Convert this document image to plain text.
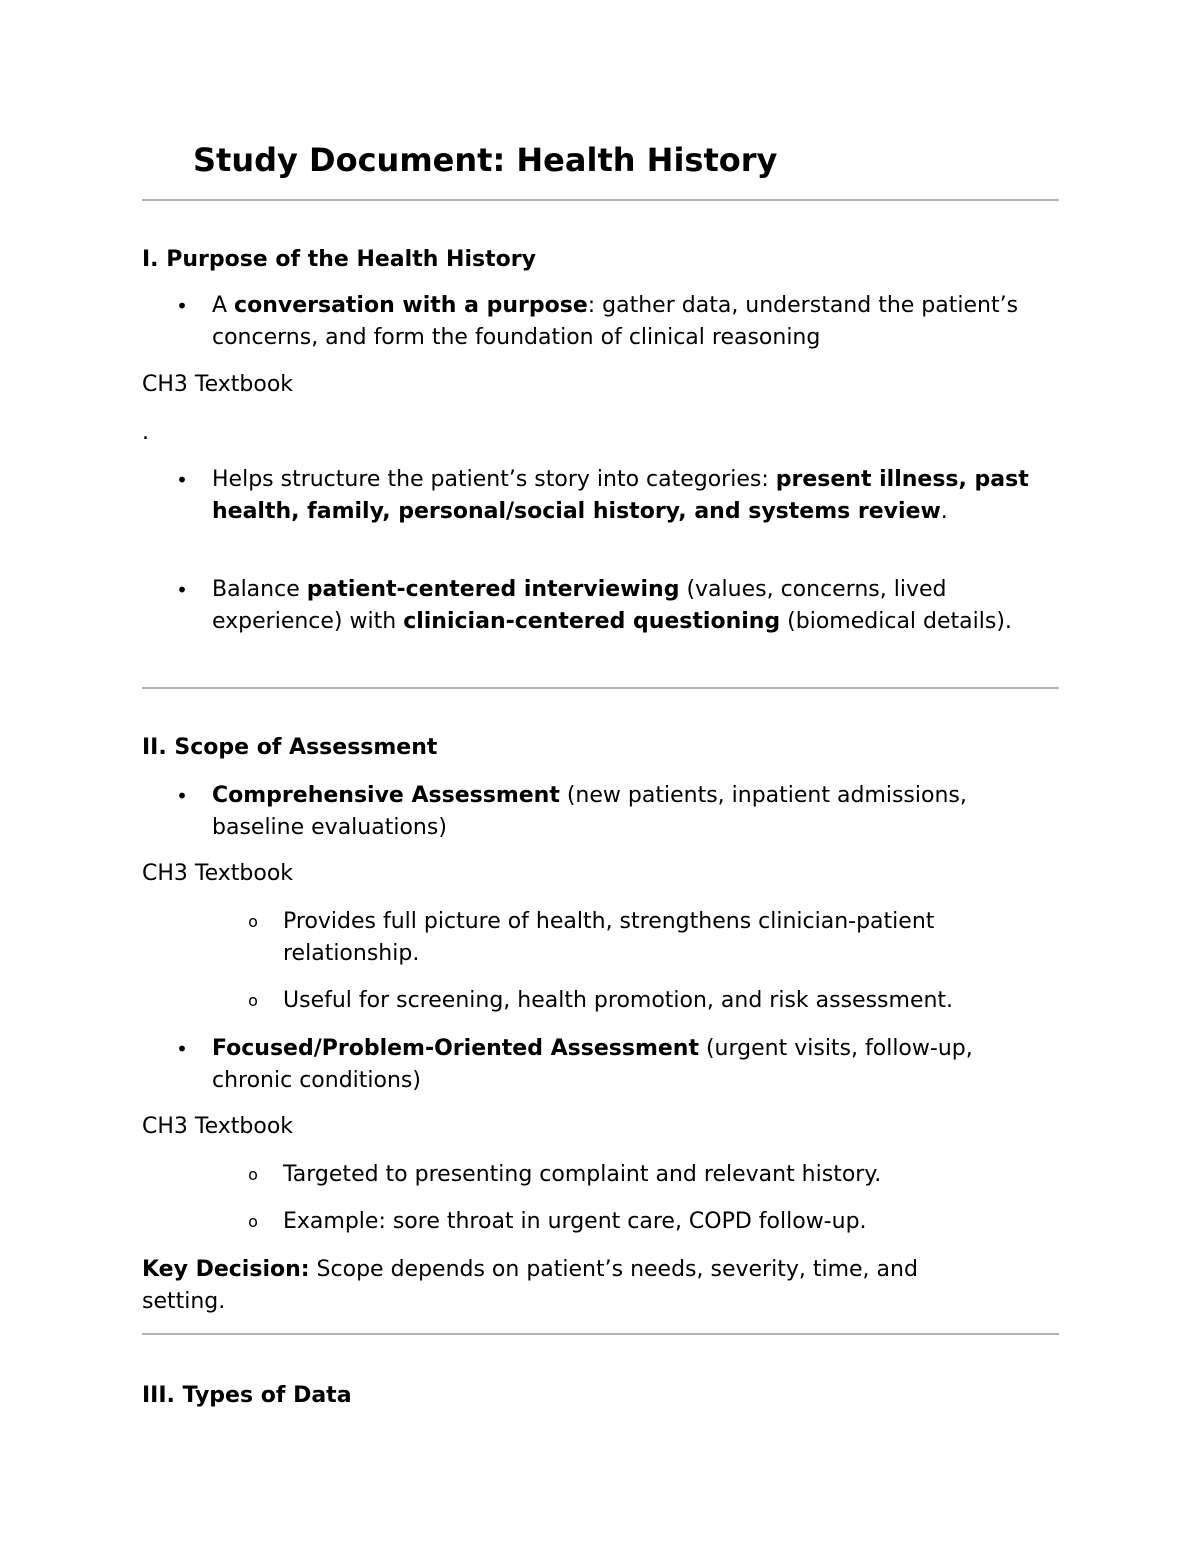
Study Document: Health History
I. Purpose of the Health History
• A conversation with a purpose: gather data, understand the patient’s concerns, and form the foundation of clinical reasoning
CH3 Textbook
.
• Helps structure the patient’s story into categories: present illness, past health, family, personal/social history, and systems review.
• Balance patient-centered interviewing (values, concerns, lived experience) with clinician-centered questioning (biomedical details).
II. Scope of Assessment
• Comprehensive Assessment (new patients, inpatient admissions, baseline evaluations)
CH3 Textbook
o Provides full picture of health, strengthens clinician-patient relationship.
o Useful for screening, health promotion, and risk assessment.
• Focused/Problem-Oriented Assessment (urgent visits, follow-up, chronic conditions)
CH3 Textbook
o Targeted to presenting complaint and relevant history.
o Example: sore throat in urgent care, COPD follow-up.
Key Decision: Scope depends on patient’s needs, severity, time, and setting.
III. Types of Data
